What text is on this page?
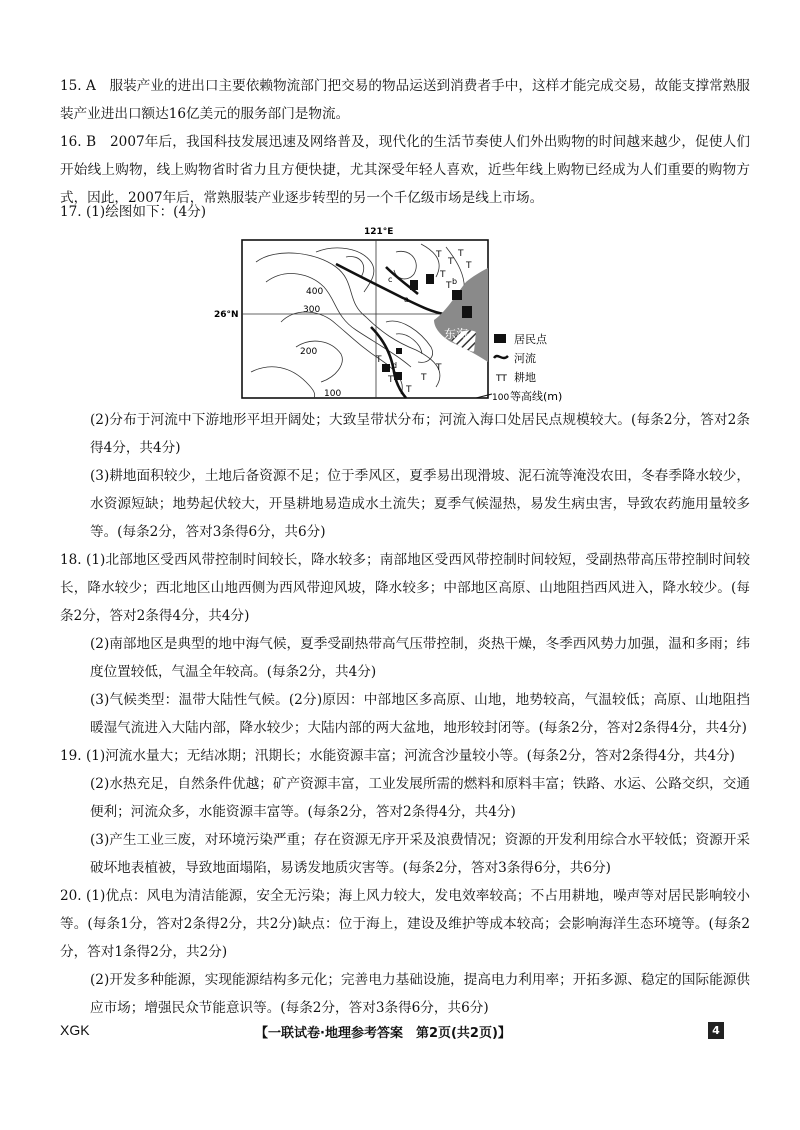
15. A　服装产业的进出口主要依赖物流部门把交易的物品运送到消费者手中，这样才能完成交易，故能支撑常熟服装产业进出口额达16亿美元的服务部门是物流。

16. B　2007年后，我国科技发展迅速及网络普及，现代化的生活节奏使人们外出购物的时间越来越少，促使人们开始线上购物，线上购物省时省力且方便快捷，尤其深受年轻人喜欢，近些年线上购物已经成为人们重要的购物方式，因此，2007年后，常熟服装产业逐步转型的另一个千亿级市场是线上市场。

17. (1)绘图如下：(4分)

T
T
T
T
T
T
T
T
T
T
T
121°E
26°N
400
300
200
100
东海
a
b
c
d
居民点
河流
TT 耕地
100 等高线(m)

(2)分布于河流中下游地形平坦开阔处；大致呈带状分布；河流入海口处居民点规模较大。(每条2分，答对2条得4分，共4分)

(3)耕地面积较少，土地后备资源不足；位于季风区，夏季易出现滑坡、泥石流等淹没农田，冬春季降水较少，水资源短缺；地势起伏较大，开垦耕地易造成水土流失；夏季气候湿热，易发生病虫害，导致农药施用量较多等。(每条2分，答对3条得6分，共6分)

18. (1)北部地区受西风带控制时间较长，降水较多；南部地区受西风带控制时间较短，受副热带高压带控制时间较长，降水较少；西北地区山地西侧为西风带迎风坡，降水较多；中部地区高原、山地阻挡西风进入，降水较少。(每条2分，答对2条得4分，共4分)

(2)南部地区是典型的地中海气候，夏季受副热带高气压带控制，炎热干燥，冬季西风势力加强，温和多雨；纬度位置较低，气温全年较高。(每条2分，共4分)

(3)气候类型：温带大陆性气候。(2分)原因：中部地区多高原、山地，地势较高，气温较低；高原、山地阻挡暖湿气流进入大陆内部，降水较少；大陆内部的两大盆地，地形较封闭等。(每条2分，答对2条得4分，共4分)

19. (1)河流水量大；无结冰期；汛期长；水能资源丰富；河流含沙量较小等。(每条2分，答对2条得4分，共4分)

(2)水热充足，自然条件优越；矿产资源丰富，工业发展所需的燃料和原料丰富；铁路、水运、公路交织，交通便利；河流众多，水能资源丰富等。(每条2分，答对2条得4分，共4分)

(3)产生工业三废，对环境污染严重；存在资源无序开采及浪费情况；资源的开发利用综合水平较低；资源开采破坏地表植被，导致地面塌陷，易诱发地质灾害等。(每条2分，答对3条得6分，共6分)

20. (1)优点：风电为清洁能源，安全无污染；海上风力较大，发电效率较高；不占用耕地，噪声等对居民影响较小等。(每条1分，答对2条得2分，共2分)缺点：位于海上，建设及维护等成本较高；会影响海洋生态环境等。(每条2分，答对1条得2分，共2分)

(2)开发多种能源，实现能源结构多元化；完善电力基础设施，提高电力利用率；开拓多源、稳定的国际能源供应市场；增强民众节能意识等。(每条2分，答对3条得6分，共6分)

XGK	【一联试卷·地理参考答案　第2页(共2页)】	4
